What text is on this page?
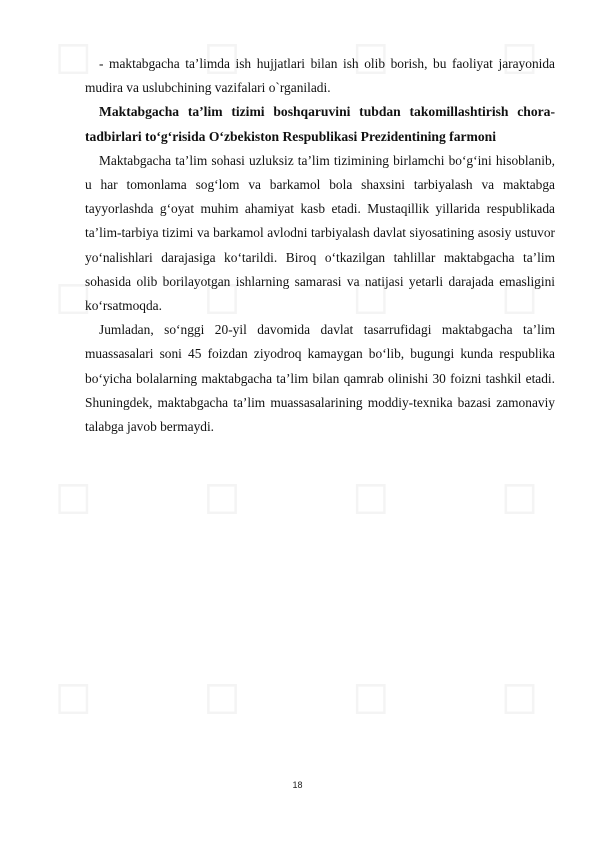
- maktabgacha ta’limda ish hujjatlari bilan ish olib borish, bu faoliyat jarayonida mudira va uslubchining vazifalari o`rganiladi.

Maktabgacha ta’lim tizimi boshqaruvini tubdan takomillashtirish chora-tadbirlari to‘g‘risida O‘zbekiston Respublikasi Prezidentining farmoni

Maktabgacha ta’lim sohasi uzluksiz ta’lim tizimining birlamchi bo‘g‘ini hisoblanib, u har tomonlama sog‘lom va barkamol bola shaxsini tarbiyalash va maktabga tayyorlashda g‘oyat muhim ahamiyat kasb etadi. Mustaqillik yillarida respublikada ta’lim-tarbiya tizimi va barkamol avlodni tarbiyalash davlat siyosatining asosiy ustuvor yo‘nalishlari darajasiga ko‘tarildi. Biroq o‘tkazilgan tahlillar maktabgacha ta’lim sohasida olib borilayotgan ishlarning samarasi va natijasi yetarli darajada emasligini ko‘rsatmoqda.

Jumladan, so‘nggi 20-yil davomida davlat tasarrufidagi maktabgacha ta’lim muassasalari soni 45 foizdan ziyodroq kamaygan bo‘lib, bugungi kunda respublika bo‘yicha bolalarning maktabgacha ta’lim bilan qamrab olinishi 30 foizni tashkil etadi. Shuningdek, maktabgacha ta’lim muassasalarining moddiy-texnika bazasi zamonaviy talabga javob bermaydi.

18
